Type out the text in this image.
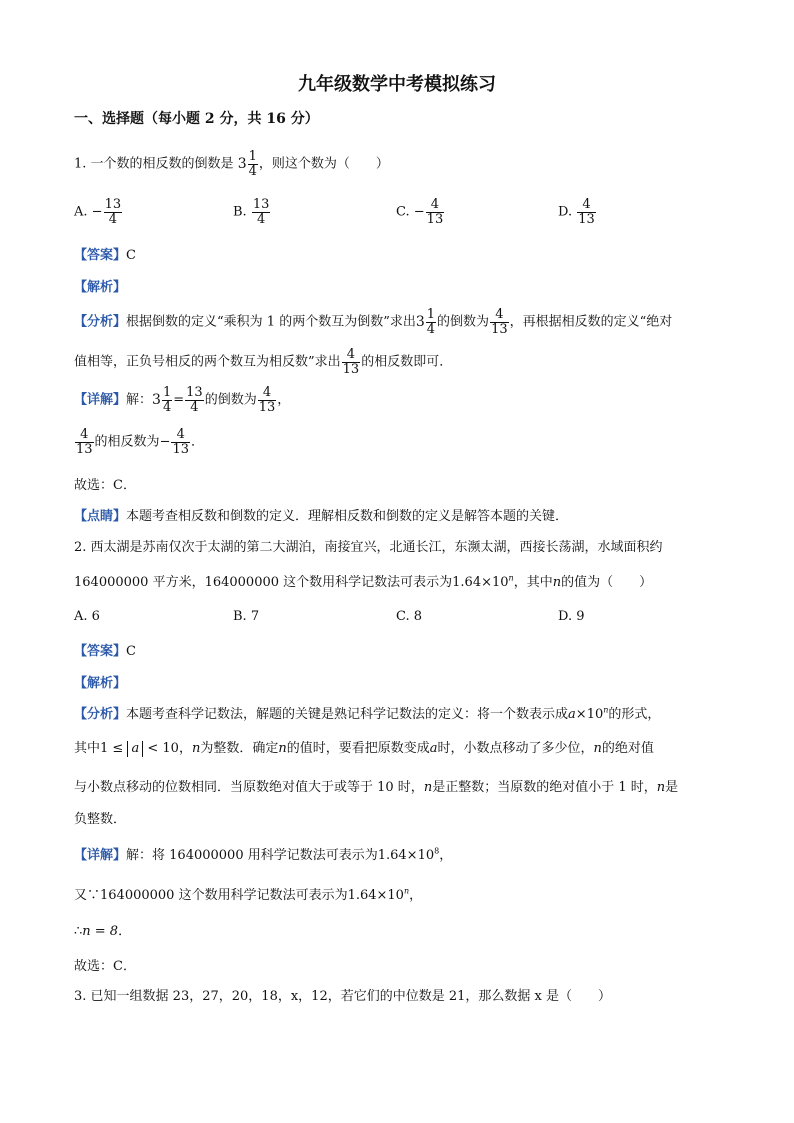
九年级数学中考模拟练习
一、选择题（每小题 2 分，共 16 分）
1. 一个数的相反数的倒数是 $3 \frac{1}{4}$ ，则这个数为（　　）
A. − $\frac{13}{4}$	B. $\frac{13}{4}$	C. − $\frac{4}{13}$	D. $\frac{4}{13}$
【答案】C
【解析】
【分析】根据倒数的定义“乘积为 1 的两个数互为倒数”求出$3 \frac{1}{4}$ 的倒数为 $\frac{4}{13}$ ，再根据相反数的定义“绝对
值相等，正负号相反的两个数互为相反数”求出 $\frac{4}{13}$ 的相反数即可．
【详解】解：$3 \frac{1}{4} = \frac{13}{4}$ 的倒数为 $\frac{4}{13}$ ，
$\frac{4}{13}$ 的相反数为− $\frac{4}{13}$ ．
故选：C．
【点睛】本题考查相反数和倒数的定义．理解相反数和倒数的定义是解答本题的关键．
2. 西太湖是苏南仅次于太湖的第二大湖泊，南接宜兴，北通长江，东濒太湖，西接长荡湖，水域面积约
164000000 平方米，164000000 这个数用科学记数法可表示为$1.64\times 10^n$，其中n的值为（　　）
A. 6	B. 7	C. 8	D. 9
【答案】C
【解析】
【分析】本题考查科学记数法，解题的关键是熟记科学记数法的定义：将一个数表示成$a\times 10^n$的形式，
其中1 ≤ a < 10，n为整数．确定n的值时，要看把原数变成a时，小数点移动了多少位，n的绝对值
与小数点移动的位数相同．当原数绝对值大于或等于 10 时，n是正整数；当原数的绝对值小于 1 时，n是
负整数．
【详解】解：将 164000000 用科学记数法可表示为$1.64\times 10^8$，
又∵164000000 这个数用科学记数法可表示为$1.64\times 10^n$，
∴n = 8．
故选：C．
3. 已知一组数据 23，27，20，18，x，12，若它们的中位数是 21，那么数据 x 是（　　）
